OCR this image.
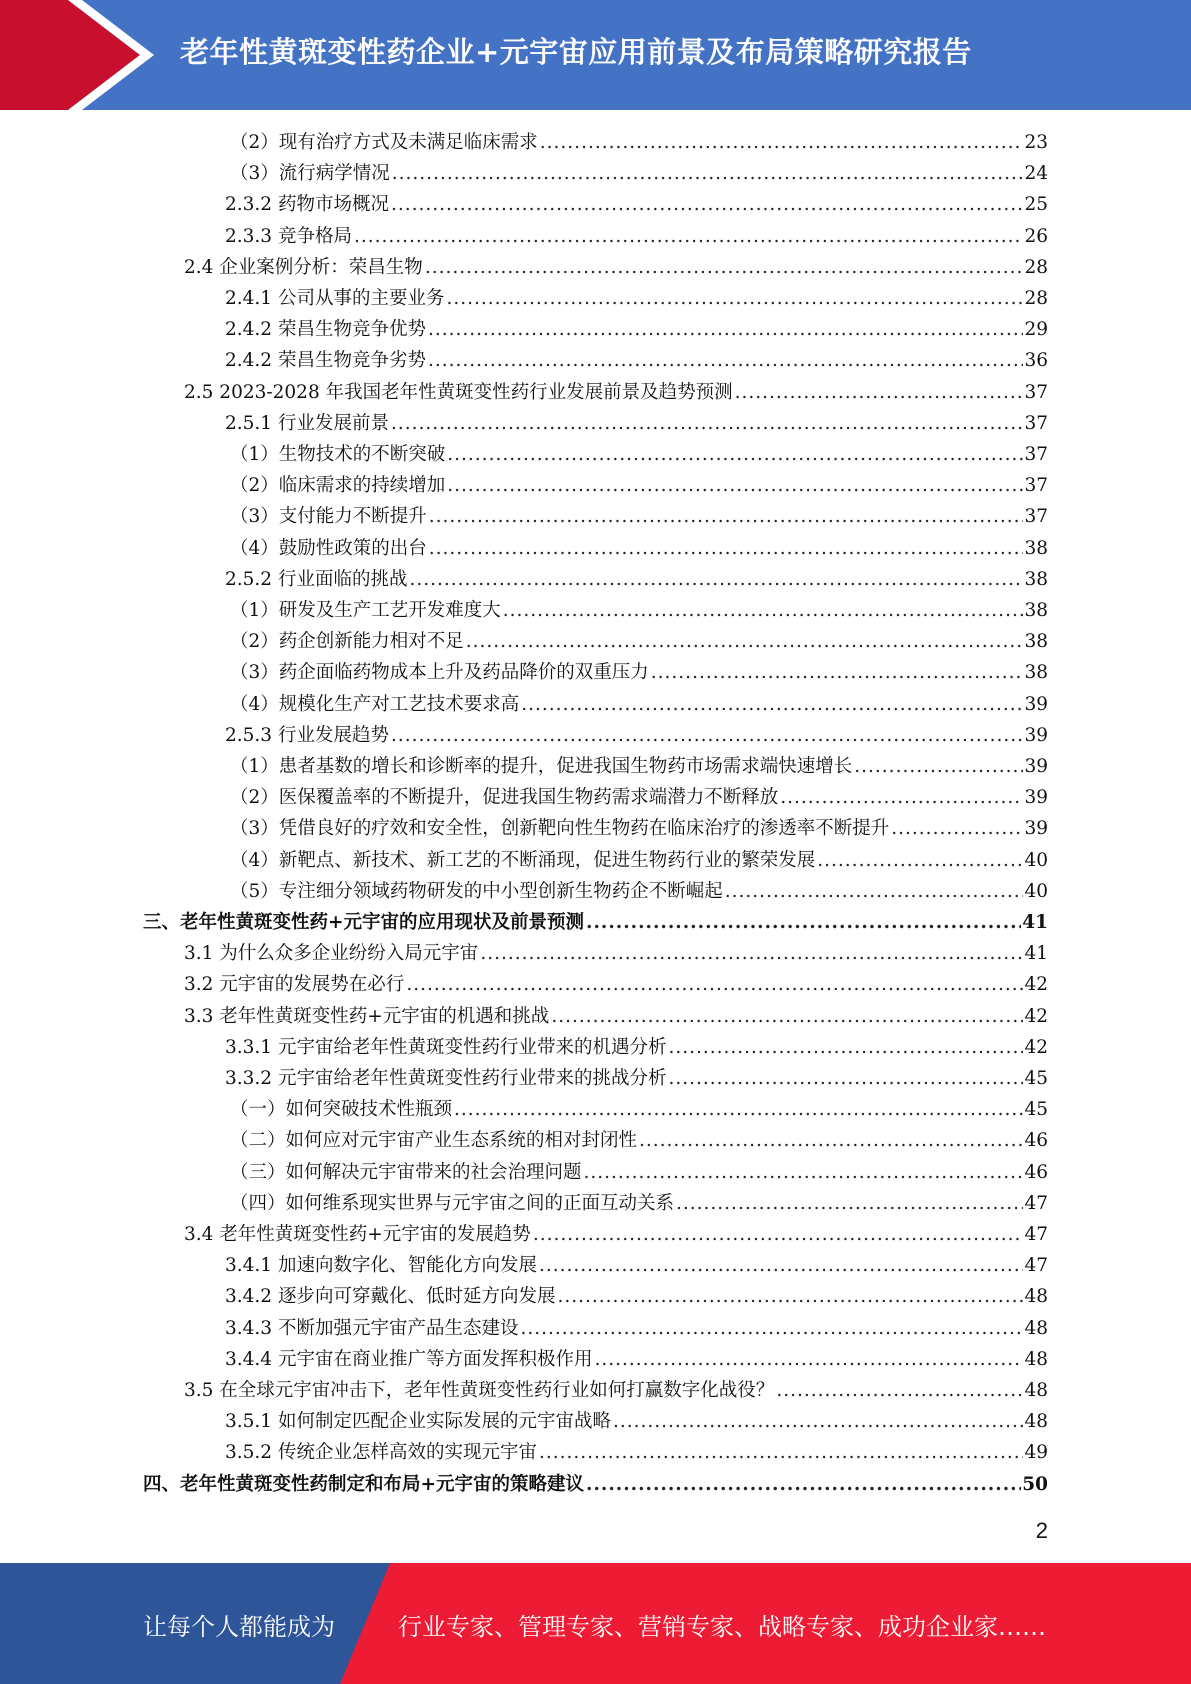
老年性黄斑变性药企业+元宇宙应用前景及布局策略研究报告
（2）现有治疗方式及未满足临床需求 .....	23
（3）流行病学情况 .....	24
2.3.2 药物市场概况 .....	25
2.3.3 竞争格局 .....	26
2.4 企业案例分析：荣昌生物 .....	28
2.4.1 公司从事的主要业务 .....	28
2.4.2 荣昌生物竞争优势 .....	29
2.4.2 荣昌生物竞争劣势 .....	36
2.5 2023-2028 年我国老年性黄斑变性药行业发展前景及趋势预测 .....	37
2.5.1 行业发展前景 .....	37
（1）生物技术的不断突破 .....	37
（2）临床需求的持续增加 .....	37
（3）支付能力不断提升 .....	37
（4）鼓励性政策的出台 .....	38
2.5.2 行业面临的挑战 .....	38
（1）研发及生产工艺开发难度大 .....	38
（2）药企创新能力相对不足 .....	38
（3）药企面临药物成本上升及药品降价的双重压力 .....	38
（4）规模化生产对工艺技术要求高 .....	39
2.5.3 行业发展趋势 .....	39
（1）患者基数的增长和诊断率的提升，促进我国生物药市场需求端快速增长 .....	39
（2）医保覆盖率的不断提升，促进我国生物药需求端潜力不断释放 .....	39
（3）凭借良好的疗效和安全性，创新靶向性生物药在临床治疗的渗透率不断提升 .....	39
（4）新靶点、新技术、新工艺的不断涌现，促进生物药行业的繁荣发展 .....	40
（5）专注细分领域药物研发的中小型创新生物药企不断崛起 .....	40
三、老年性黄斑变性药+元宇宙的应用现状及前景预测 .....	41
3.1 为什么众多企业纷纷入局元宇宙 .....	41
3.2 元宇宙的发展势在必行 .....	42
3.3 老年性黄斑变性药+元宇宙的机遇和挑战 .....	42
3.3.1 元宇宙给老年性黄斑变性药行业带来的机遇分析 .....	42
3.3.2 元宇宙给老年性黄斑变性药行业带来的挑战分析 .....	45
（一）如何突破技术性瓶颈 .....	45
（二）如何应对元宇宙产业生态系统的相对封闭性 .....	46
（三）如何解决元宇宙带来的社会治理问题 .....	46
（四）如何维系现实世界与元宇宙之间的正面互动关系 .....	47
3.4 老年性黄斑变性药+元宇宙的发展趋势 .....	47
3.4.1 加速向数字化、智能化方向发展 .....	47
3.4.2 逐步向可穿戴化、低时延方向发展 .....	48
3.4.3 不断加强元宇宙产品生态建设 .....	48
3.4.4 元宇宙在商业推广等方面发挥积极作用 .....	48
3.5 在全球元宇宙冲击下，老年性黄斑变性药行业如何打赢数字化战役？ .....	48
3.5.1 如何制定匹配企业实际发展的元宇宙战略 .....	48
3.5.2 传统企业怎样高效的实现元宇宙 .....	49
四、老年性黄斑变性药制定和布局+元宇宙的策略建议 .....	50
2
让每个人都能成为	行业专家、管理专家、营销专家、战略专家、成功企业家……
